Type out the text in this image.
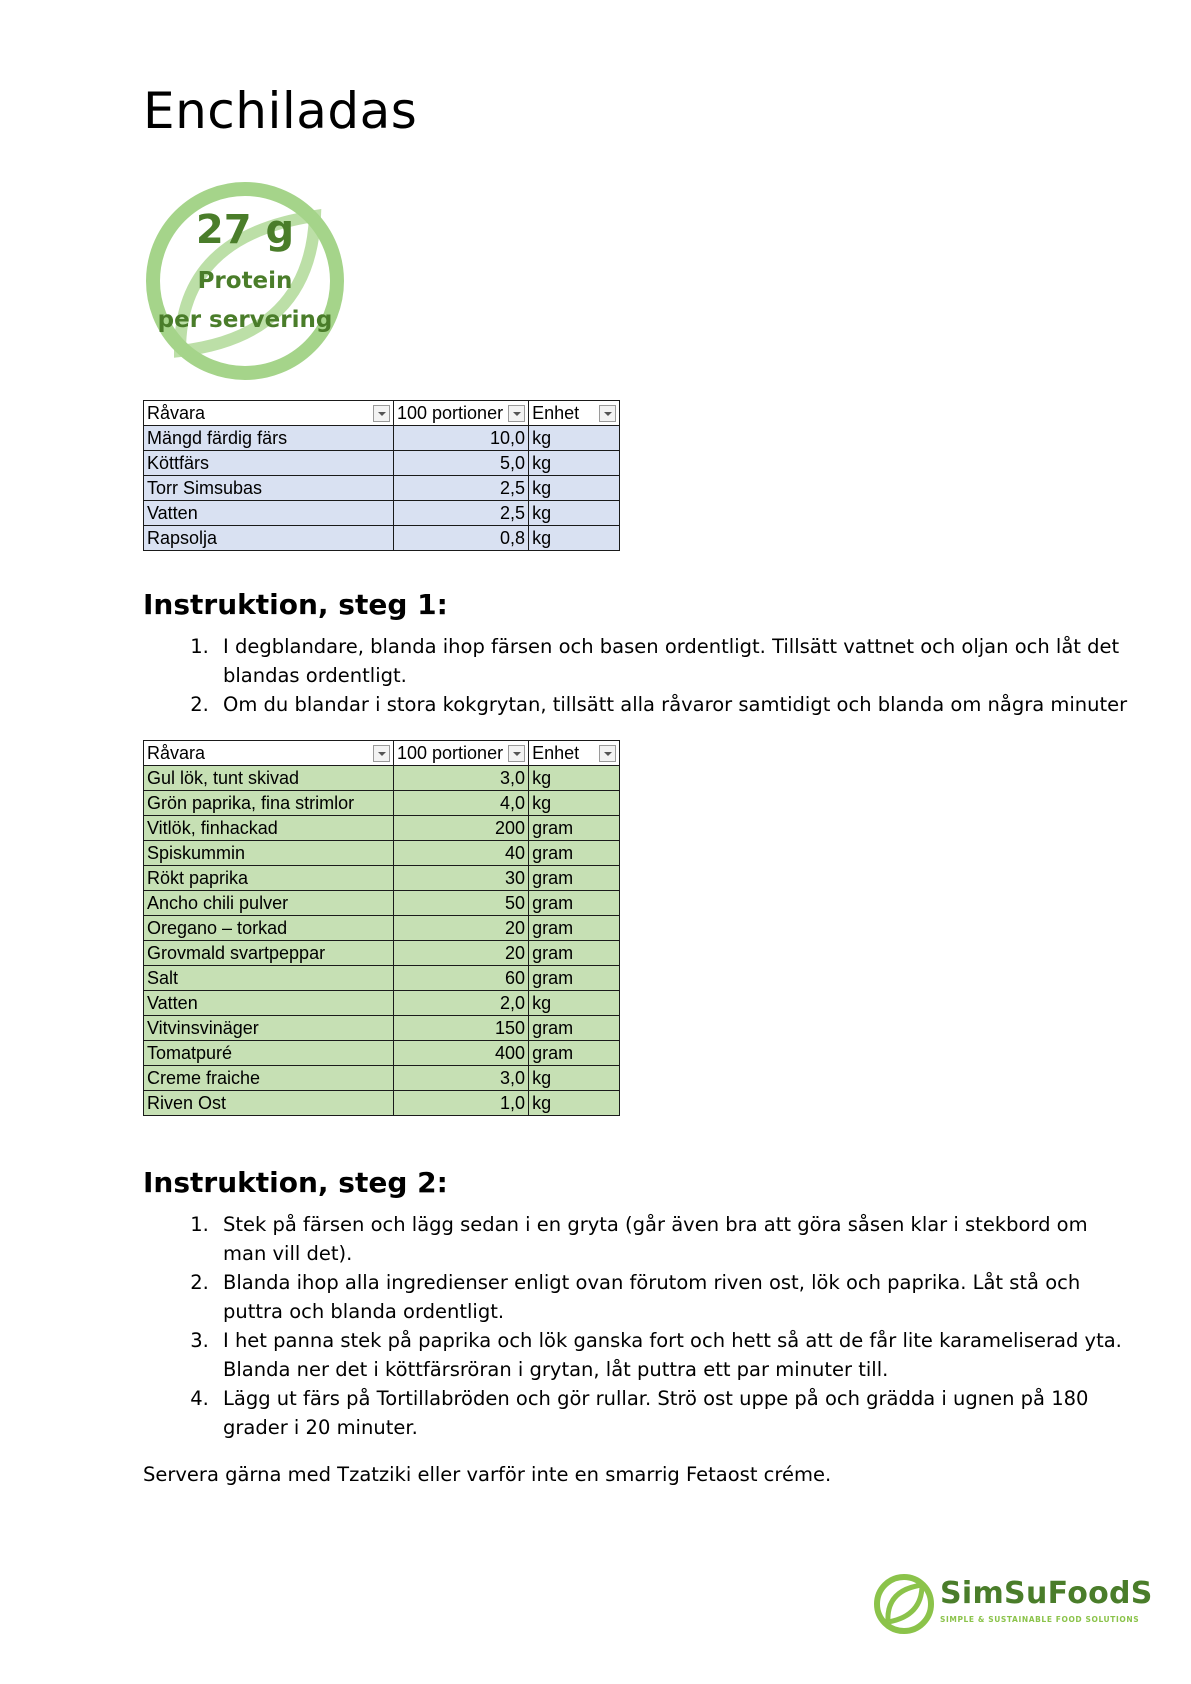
Enchiladas
27 g
Protein
per servering
Råvara	100 portioner	Enhet

Mängd färdig färs	10,0	kg
Köttfärs	5,0	kg
Torr Simsubas	2,5	kg
Vatten	2,5	kg
Rapsolja	0,8	kg
Instruktion, steg 1:
1. I degblandare, blanda ihop färsen och basen ordentligt. Tillsätt vattnet och oljan och låt det blandas ordentligt.
2. Om du blandar i stora kokgrytan, tillsätt alla råvaror samtidigt och blanda om några minuter
Råvara	100 portioner	Enhet

Gul lök, tunt skivad	3,0	kg
Grön paprika, fina strimlor	4,0	kg
Vitlök, finhackad	200	gram
Spiskummin	40	gram
Rökt paprika	30	gram
Ancho chili pulver	50	gram
Oregano – torkad	20	gram
Grovmald svartpeppar	20	gram
Salt	60	gram
Vatten	2,0	kg
Vitvinsvinäger	150	gram
Tomatpuré	400	gram
Creme fraiche	3,0	kg
Riven Ost	1,0	kg
Instruktion, steg 2:
1. Stek på färsen och lägg sedan i en gryta (går även bra att göra såsen klar i stekbord om man vill det).
2. Blanda ihop alla ingredienser enligt ovan förutom riven ost, lök och paprika. Låt stå och puttra och blanda ordentligt.
3. I het panna stek på paprika och lök ganska fort och hett så att de får lite karameliserad yta. Blanda ner det i köttfärsröran i grytan, låt puttra ett par minuter till.
4. Lägg ut färs på Tortillabröden och gör rullar. Strö ost uppe på och grädda i ugnen på 180 grader i 20 minuter.

Servera gärna med Tzatziki eller varför inte en smarrig Fetaost créme.

SimSuFoodS
SIMPLE & SUSTAINABLE FOOD SOLUTIONS
